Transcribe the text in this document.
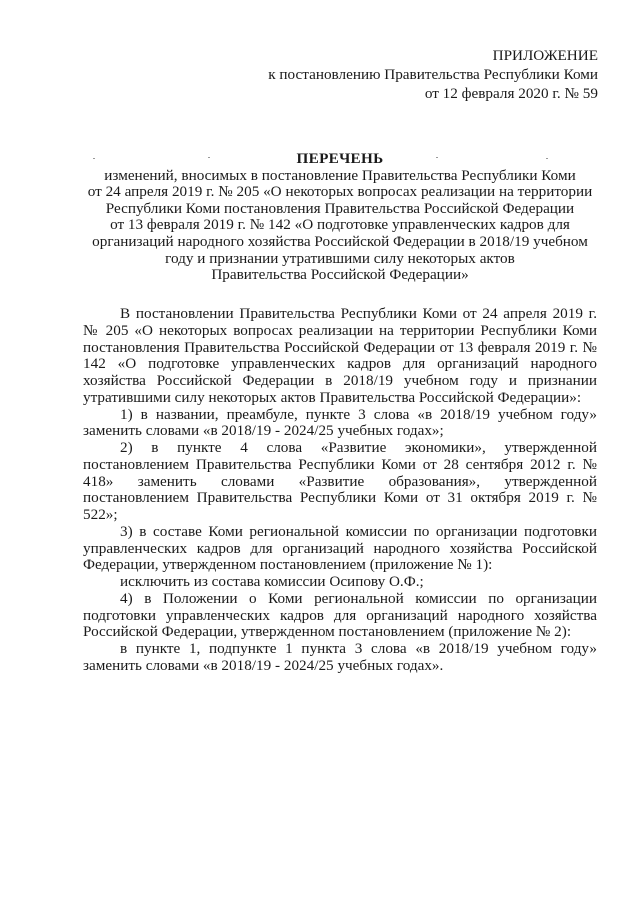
ПРИЛОЖЕНИЕ
к постановлению Правительства Республики Коми
от 12 февраля 2020 г. № 59
ПЕРЕЧЕНЬ
изменений, вносимых в постановление Правительства Республики Коми
от 24 апреля 2019 г. № 205 «О некоторых вопросах реализации на территории
Республики Коми постановления Правительства Российской Федерации
от 13 февраля 2019 г. № 142 «О подготовке управленческих кадров для
организаций народного хозяйства Российской Федерации в 2018/19 учебном
году и признании утратившими силу некоторых актов
Правительства Российской Федерации»

В постановлении Правительства Республики Коми от 24 апреля 2019 г. № 205 «О некоторых вопросах реализации на территории Республики Коми постановления Правительства Российской Федерации от 13 февраля 2019 г. № 142 «О подготовке управленческих кадров для организаций народного хозяйства Российской Федерации в 2018/19 учебном году и признании утратившими силу некоторых актов Правительства Российской Федерации»:

1) в названии, преамбуле, пункте 3 слова «в 2018/19 учебном году» заменить словами «в 2018/19 - 2024/25 учебных годах»;

2) в пункте 4 слова «Развитие экономики», утвержденной постановлением Правительства Республики Коми от 28 сентября 2012 г. № 418» заменить словами «Развитие образования», утвержденной постановлением Правительства Республики Коми от 31 октября 2019 г. № 522»;

3) в составе Коми региональной комиссии по организации подготовки управленческих кадров для организаций народного хозяйства Российской Федерации, утвержденном постановлением (приложение № 1):

исключить из состава комиссии Осипову О.Ф.;

4) в Положении о Коми региональной комиссии по организации подготовки управленческих кадров для организаций народного хозяйства Российской Федерации, утвержденном постановлением (приложение № 2):

в пункте 1, подпункте 1 пункта 3 слова «в 2018/19 учебном году» заменить словами «в 2018/19 - 2024/25 учебных годах».
